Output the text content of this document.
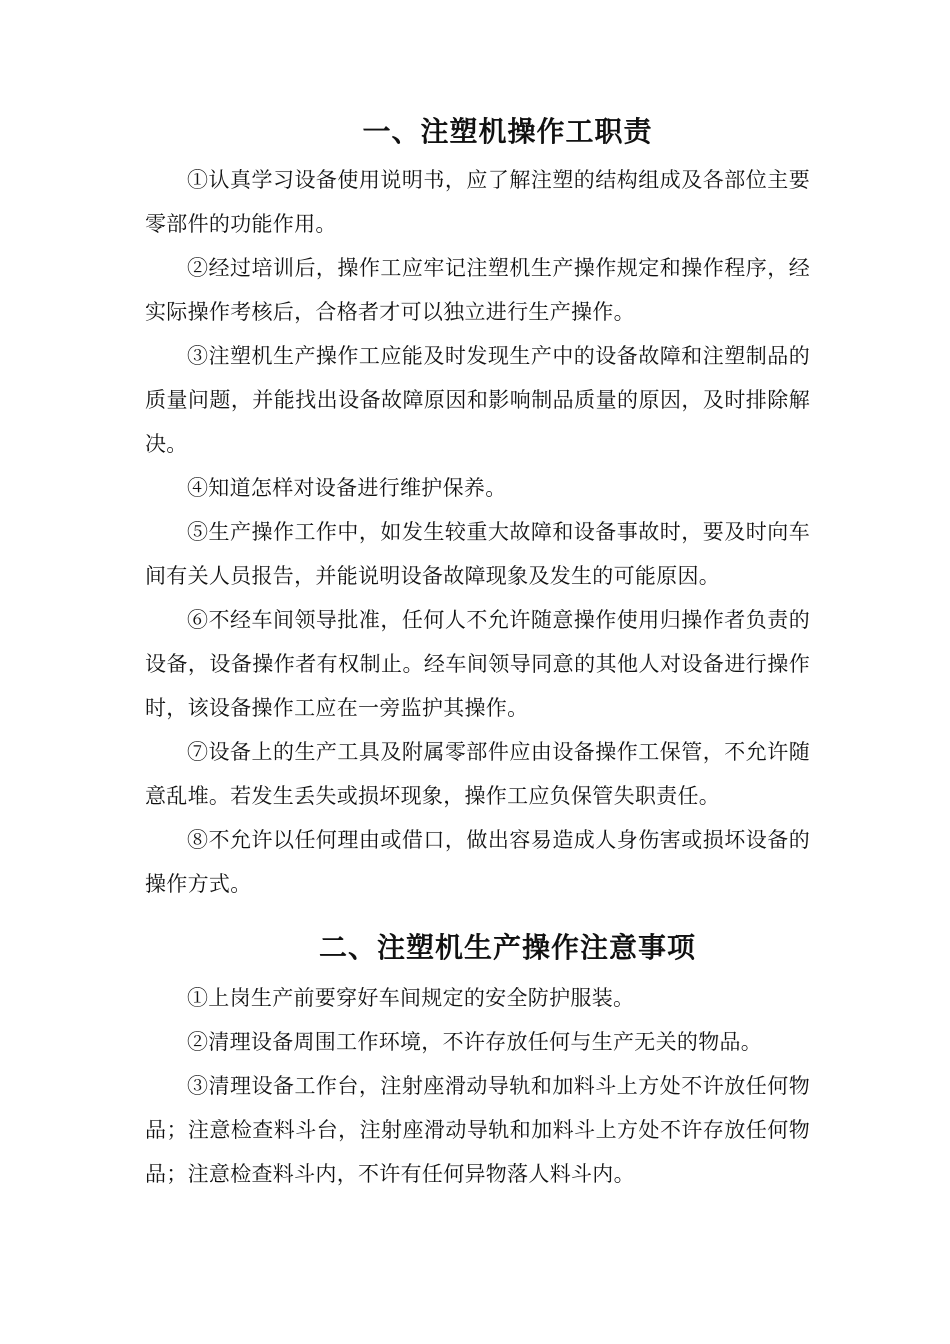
一、注塑机操作工职责

①认真学习设备使用说明书，应了解注塑的结构组成及各部位主要零部件的功能作用。

②经过培训后，操作工应牢记注塑机生产操作规定和操作程序，经实际操作考核后，合格者才可以独立进行生产操作。

③注塑机生产操作工应能及时发现生产中的设备故障和注塑制品的质量问题，并能找出设备故障原因和影响制品质量的原因，及时排除解决。

④知道怎样对设备进行维护保养。

⑤生产操作工作中，如发生较重大故障和设备事故时，要及时向车间有关人员报告，并能说明设备故障现象及发生的可能原因。

⑥不经车间领导批准，任何人不允许随意操作使用归操作者负责的设备，设备操作者有权制止。经车间领导同意的其他人对设备进行操作时，该设备操作工应在一旁监护其操作。

⑦设备上的生产工具及附属零部件应由设备操作工保管，不允许随意乱堆。若发生丢失或损坏现象，操作工应负保管失职责任。

⑧不允许以任何理由或借口，做出容易造成人身伤害或损坏设备的操作方式。

二、注塑机生产操作注意事项

①上岗生产前要穿好车间规定的安全防护服装。

②清理设备周围工作环境，不许存放任何与生产无关的物品。

③清理设备工作台，注射座滑动导轨和加料斗上方处不许放任何物品；注意检查料斗台，注射座滑动导轨和加料斗上方处不许存放任何物品；注意检查料斗内，不许有任何异物落人料斗内。
